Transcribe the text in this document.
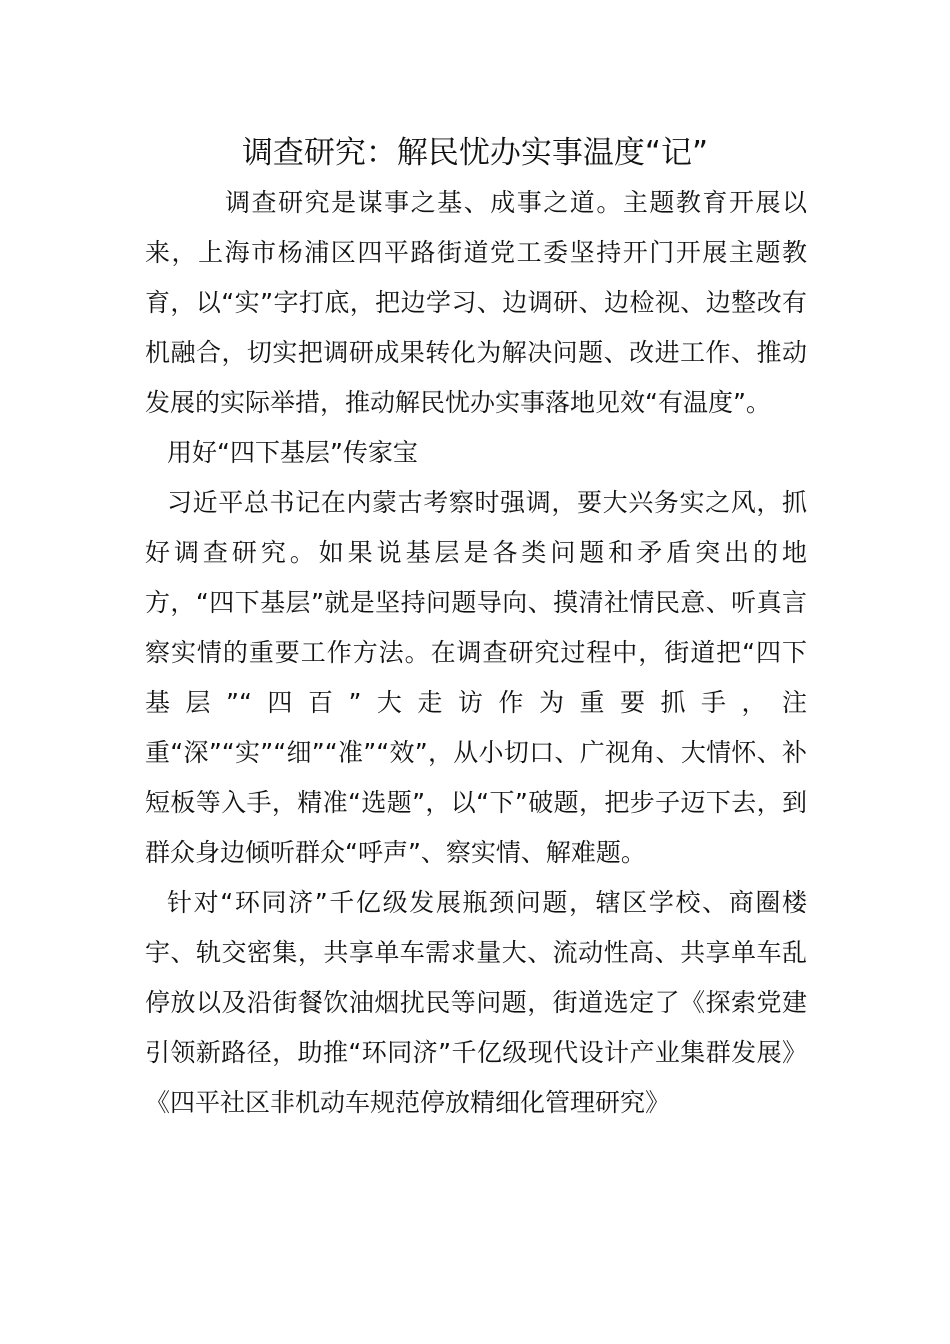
调查研究：解民忧办实事温度“记”

调查研究是谋事之基、成事之道。主题教育开展以来，上海市杨浦区四平路街道党工委坚持开门开展主题教育，以“实”字打底，把边学习、边调研、边检视、边整改有机融合，切实把调研成果转化为解决问题、改进工作、推动发展的实际举措，推动解民忧办实事落地见效“有温度”。

用好“四下基层”传家宝

习近平总书记在内蒙古考察时强调，要大兴务实之风，抓好调查研究。如果说基层是各类问题和矛盾突出的地方，“四下基层”就是坚持问题导向、摸清社情民意、听真言察实情的重要工作方法。在调查研究过程中，街道把“四下基层”“四百”大走访作为重要抓手，注重“深”“实”“细”“准”“效”，从小切口、广视角、大情怀、补短板等入手，精准“选题”，以“下”破题，把步子迈下去，到群众身边倾听群众“呼声”、察实情、解难题。

针对“环同济”千亿级发展瓶颈问题，辖区学校、商圈楼宇、轨交密集，共享单车需求量大、流动性高、共享单车乱停放以及沿街餐饮油烟扰民等问题，街道选定了《探索党建引领新路径，助推“环同济”千亿级现代设计产业集群发展》《四平社区非机动车规范停放精细化管理研究》
